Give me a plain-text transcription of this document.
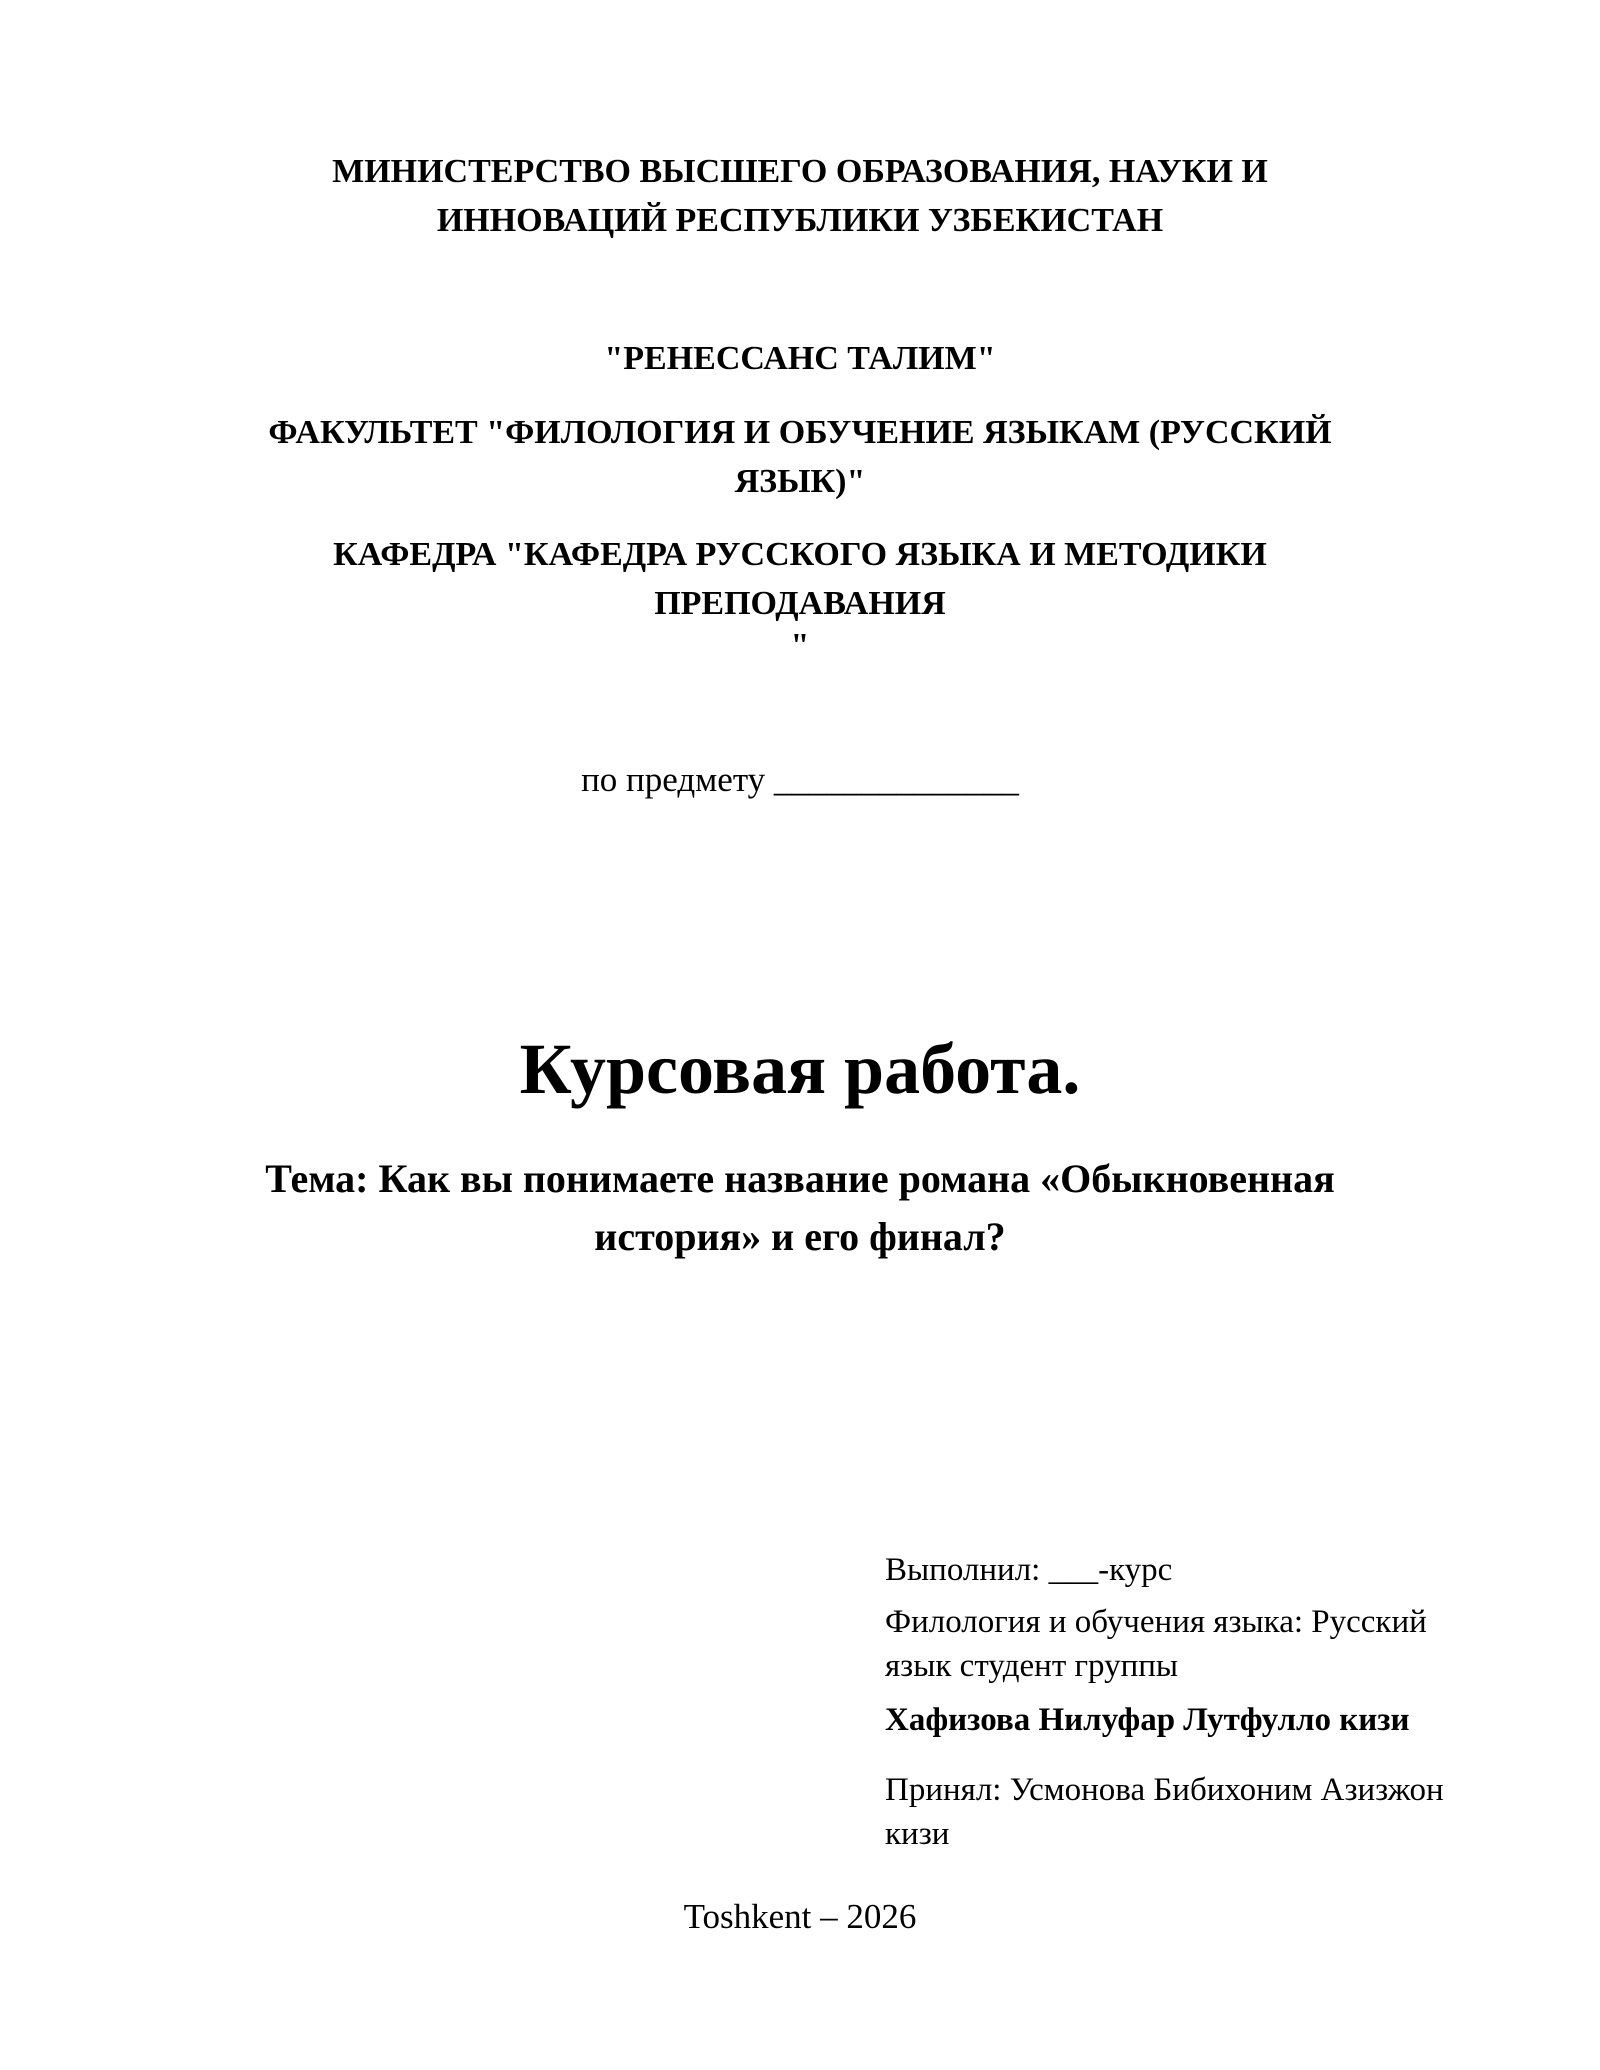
МИНИСТЕРСТВО ВЫСШЕГО ОБРАЗОВАНИЯ, НАУКИ И
ИННОВАЦИЙ РЕСПУБЛИКИ УЗБЕКИСТАН
"РЕНЕССАНС ТАЛИМ"
ФАКУЛЬТЕТ "ФИЛОЛОГИЯ И ОБУЧЕНИЕ ЯЗЫКАМ (РУССКИЙ
ЯЗЫК)"
КАФЕДРА "КАФЕДРА РУССКОГО ЯЗЫКА И МЕТОДИКИ
ПРЕПОДАВАНИЯ
"
по предмету ______________
Курсовая работа.
Тема: Как вы понимаете название романа «Обыкновенная
история» и его финал?

Выполнил: ___-курс

Филология и обучения языка: Русский

язык студент группы

Хафизова Нилуфар Лутфулло кизи

Принял: Усмонова Бибихоним Азизжон

кизи

Toshkent – 2026
